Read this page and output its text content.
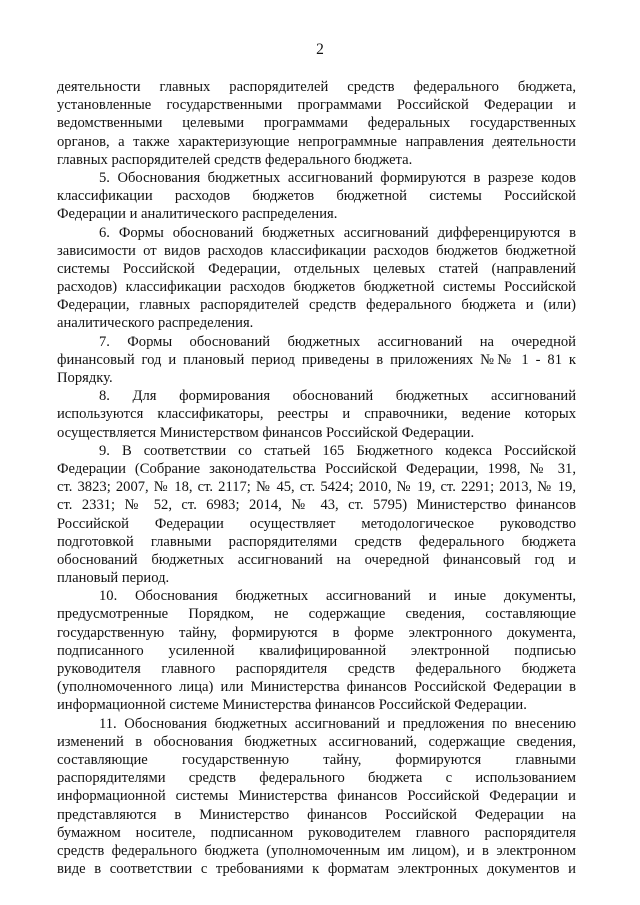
2
деятельности главных распорядителей средств федерального бюджета,
установленные государственными программами Российской Федерации и
ведомственными целевыми программами федеральных государственных
органов, а также характеризующие непрограммные направления деятельности
главных распорядителей средств федерального бюджета.
5. Обоснования бюджетных ассигнований формируются в разрезе кодов
классификации расходов бюджетов бюджетной системы Российской
Федерации и аналитического распределения.
6. Формы обоснований бюджетных ассигнований дифференцируются в
зависимости от видов расходов классификации расходов бюджетов бюджетной
системы Российской Федерации, отдельных целевых статей (направлений
расходов) классификации расходов бюджетов бюджетной системы Российской
Федерации, главных распорядителей средств федерального бюджета и (или)
аналитического распределения.
7. Формы обоснований бюджетных ассигнований на очередной
финансовый год и плановый период приведены в приложениях №№ 1 - 81 к
Порядку.
8. Для формирования обоснований бюджетных ассигнований
используются классификаторы, реестры и справочники, ведение которых
осуществляется Министерством финансов Российской Федерации.
9. В соответствии со статьей 165 Бюджетного кодекса Российской
Федерации (Собрание законодательства Российской Федерации, 1998, № 31,
ст. 3823; 2007, № 18, ст. 2117; № 45, ст. 5424; 2010, № 19, ст. 2291; 2013, № 19,
ст. 2331; № 52, ст. 6983; 2014, № 43, ст. 5795) Министерство финансов
Российской Федерации осуществляет методологическое руководство
подготовкой главными распорядителями средств федерального бюджета
обоснований бюджетных ассигнований на очередной финансовый год и
плановый период.
10. Обоснования бюджетных ассигнований и иные документы,
предусмотренные Порядком, не содержащие сведения, составляющие
государственную тайну, формируются в форме электронного документа,
подписанного усиленной квалифицированной электронной подписью
руководителя главного распорядителя средств федерального бюджета
(уполномоченного лица) или Министерства финансов Российской Федерации в
информационной системе Министерства финансов Российской Федерации.
11. Обоснования бюджетных ассигнований и предложения по внесению
изменений в обоснования бюджетных ассигнований, содержащие сведения,
составляющие государственную тайну, формируются главными
распорядителями средств федерального бюджета с использованием
информационной системы Министерства финансов Российской Федерации и
представляются в Министерство финансов Российской Федерации на
бумажном носителе, подписанном руководителем главного распорядителя
средств федерального бюджета (уполномоченным им лицом), и в электронном
виде в соответствии с требованиями к форматам электронных документов и
